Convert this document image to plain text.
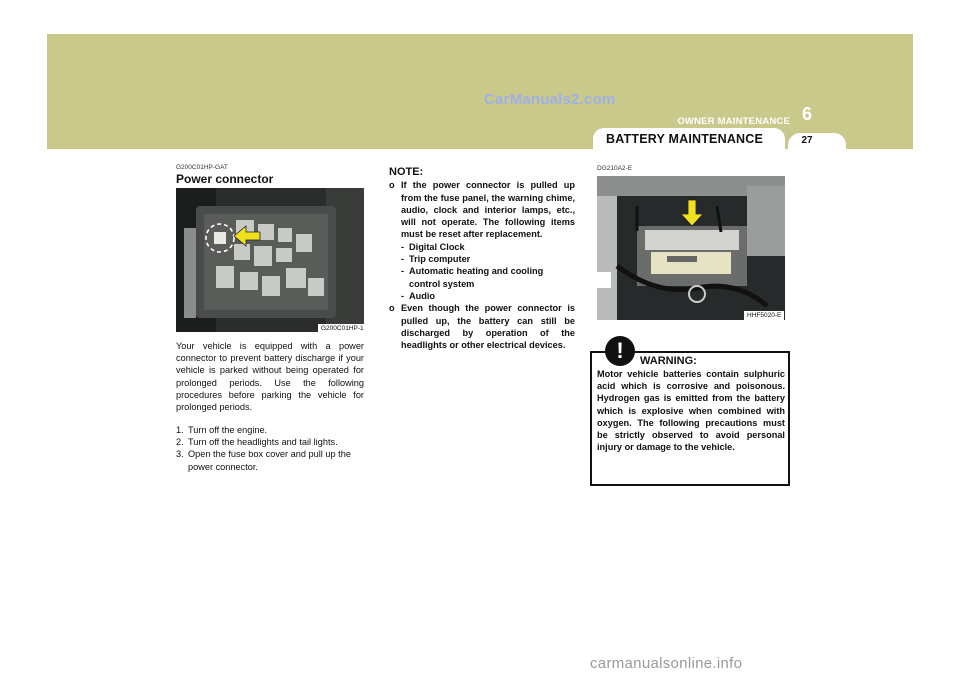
CarManuals2.com
OWNER MAINTENANCE 6
BATTERY MAINTENANCE	27
G200C01HP-GAT
Power connector
G200C01HP-1
Your vehicle is equipped with a power connector to prevent battery discharge if your vehicle is parked without being operated for prolonged periods. Use the following procedures before parking the vehicle for prolonged periods.
1. Turn off the engine.
2. Turn off the headlights and tail lights.
3. Open the fuse box cover and pull up the power connector.
NOTE:
o If the power connector is pulled up from the fuse panel, the warning chime, audio, clock and interior lamps, etc., will not operate. The following items must be reset after replacement.
- Digital Clock
- Trip computer
- Automatic heating and cooling control system
- Audio
o Even though the power connector is pulled up, the battery can still be discharged by operation of the headlights or other electrical devices.
DG210A2-E
HHF5020-E
!	WARNING:
Motor vehicle batteries contain sulphuric acid which is corrosive and poisonous. Hydrogen gas is emitted from the battery which is explosive when combined with oxygen. The following precautions must be strictly observed to avoid personal injury or damage to the vehicle.
carmanualsonline.info
